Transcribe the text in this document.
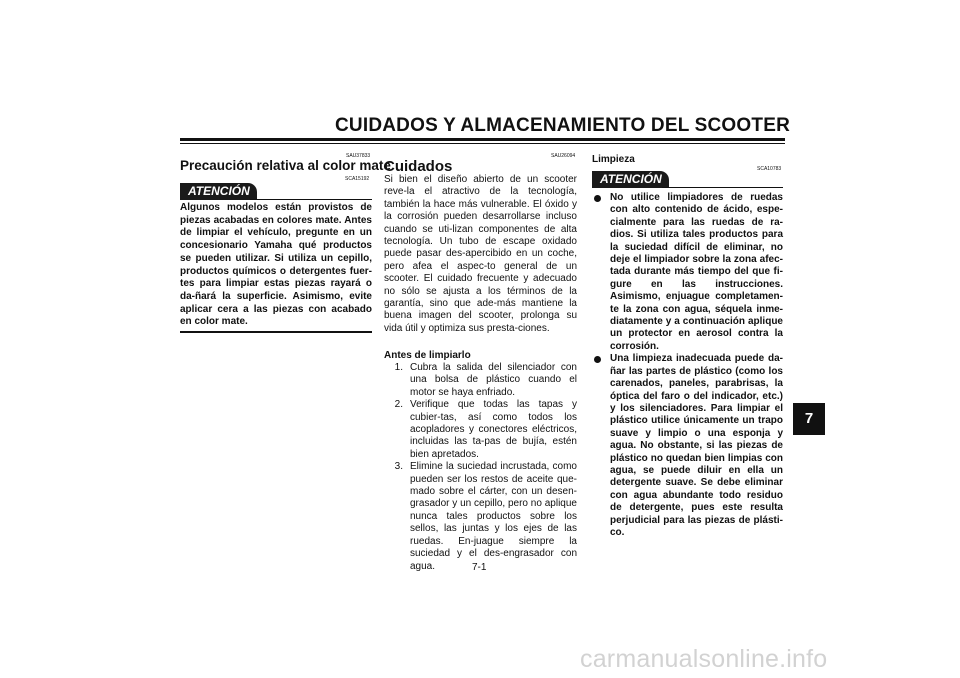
CUIDADOS Y ALMACENAMIENTO DEL SCOOTER
SAU37833
Precaución relativa al color mate
ATENCIÓN
SCA15192

Algunos modelos están provistos de piezas acabadas en colores mate. Antes de limpiar el vehículo, pregunte en un concesionario Yamaha qué productos se pueden utilizar. Si utiliza un cepillo, productos químicos o detergentes fuer-tes para limpiar estas piezas rayará o da-ñará la superficie. Asimismo, evite aplicar cera a las piezas con acabado en color mate.

SAU26094
Cuidados

Si bien el diseño abierto de un scooter reve-la el atractivo de la tecnología, también la hace más vulnerable. El óxido y la corrosión pueden desarrollarse incluso cuando se uti-lizan componentes de alta tecnología. Un tubo de escape oxidado puede pasar des-apercibido en un coche, pero afea el aspec-to general de un scooter. El cuidado frecuente y adecuado no sólo se ajusta a los términos de la garantía, sino que ade-más mantiene la buena imagen del scooter, prolonga su vida útil y optimiza sus presta-ciones.

Antes de limpiarlo
1. Cubra la salida del silenciador con una bolsa de plástico cuando el motor se haya enfriado.
2. Verifique que todas las tapas y cubier-tas, así como todos los acopladores y conectores eléctricos, incluidas las ta-pas de bujía, estén bien apretados.
3. Elimine la suciedad incrustada, como pueden ser los restos de aceite que-mado sobre el cárter, con un desen-grasador y un cepillo, pero no aplique nunca tales productos sobre los sellos, las juntas y los ejes de las ruedas. En-juague siempre la suciedad y el des-engrasador con agua.
Limpieza
ATENCIÓN
SCA10783
No utilice limpiadores de ruedas con alto contenido de ácido, espe-cialmente para las ruedas de ra-dios. Si utiliza tales productos para la suciedad difícil de eliminar, no deje el limpiador sobre la zona afec-tada durante más tiempo del que fi-gure en las instrucciones. Asimismo, enjuague completamen-te la zona con agua, séquela inme-diatamente y a continuación aplique un protector en aerosol contra la corrosión.
Una limpieza inadecuada puede da-ñar las partes de plástico (como los carenados, paneles, parabrisas, la óptica del faro o del indicador, etc.) y los silenciadores. Para limpiar el plástico utilice únicamente un trapo suave y limpio o una esponja y agua. No obstante, si las piezas de plástico no quedan bien limpias con agua, se puede diluir en ella un detergente suave. Se debe eliminar con agua abundante todo residuo de detergente, pues este resulta perjudicial para las piezas de plásti-co.
7
7-1
carmanualsonline.info
